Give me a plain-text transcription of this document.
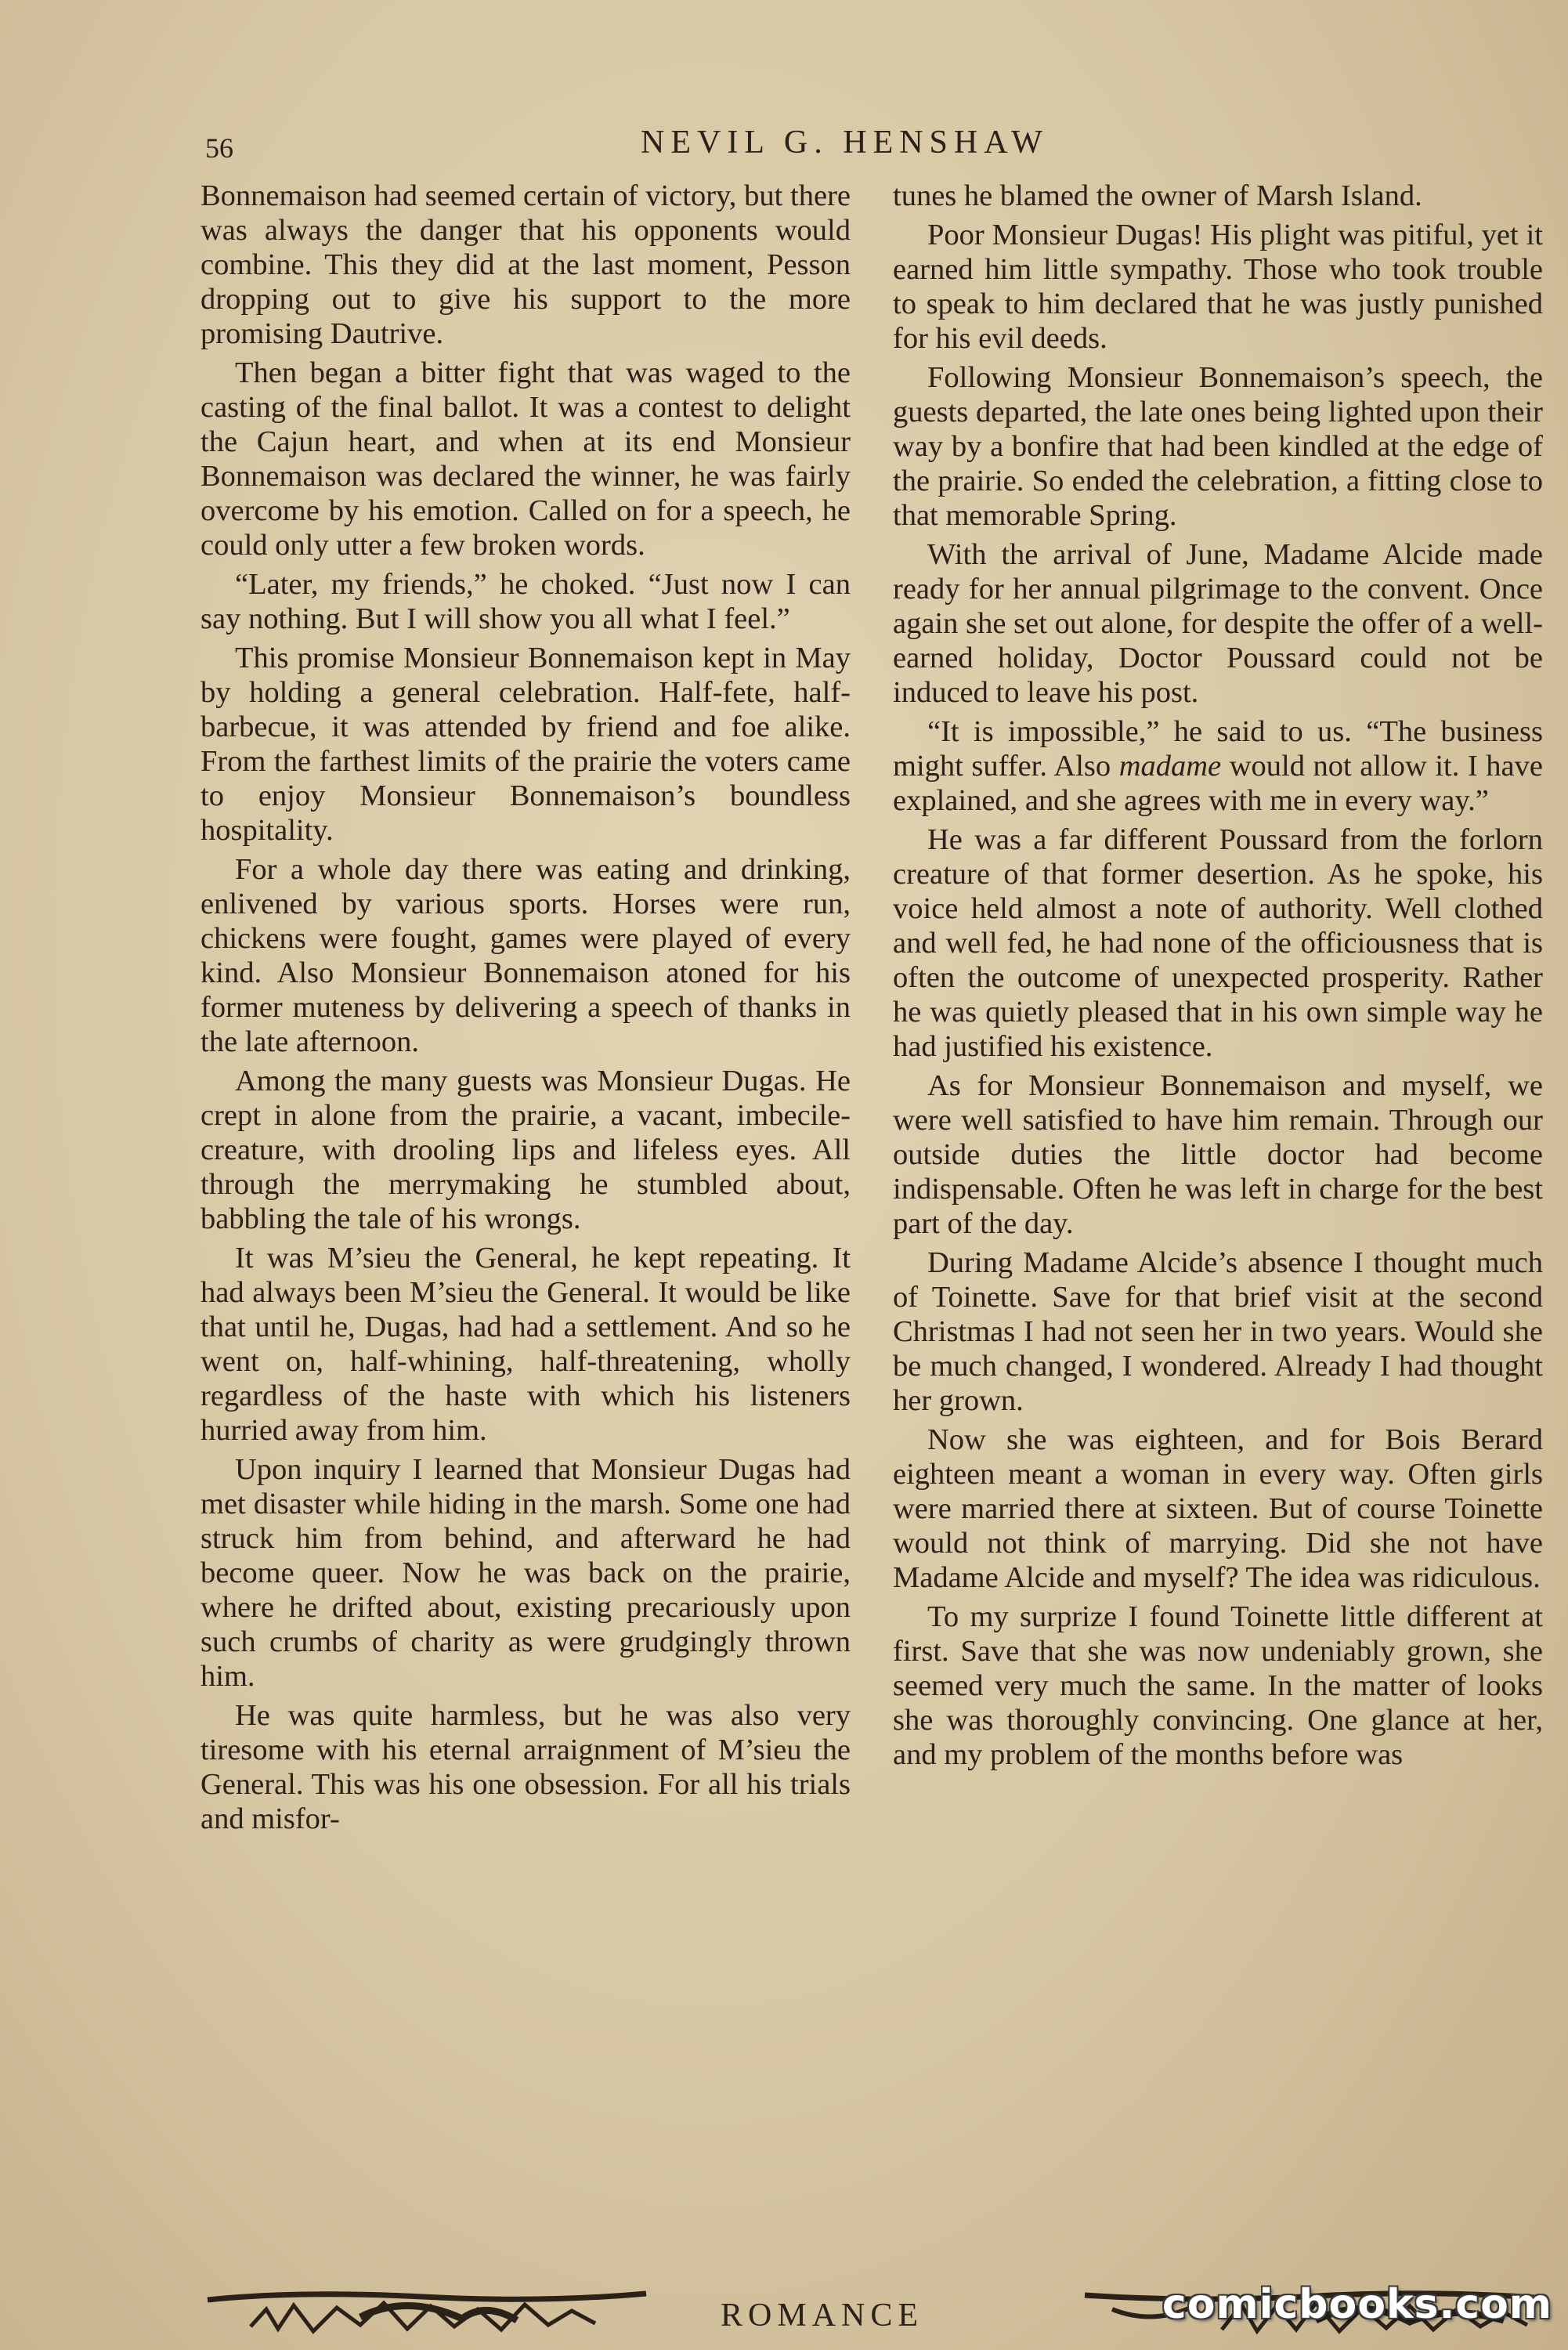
56	NEVIL G. HENSHAW

Bonnemaison had seemed certain of victory, but there was always the danger that his opponents would combine. This they did at the last moment, Pesson dropping out to give his support to the more promising Dautrive.

Then began a bitter fight that was waged to the casting of the final ballot. It was a contest to delight the Cajun heart, and when at its end Monsieur Bonnemaison was declared the winner, he was fairly overcome by his emotion. Called on for a speech, he could only utter a few broken words.

“Later, my friends,” he choked. “Just now I can say nothing. But I will show you all what I feel.”

This promise Monsieur Bonnemaison kept in May by holding a general celebration. Half-fete, half-barbecue, it was attended by friend and foe alike. From the farthest limits of the prairie the voters came to enjoy Monsieur Bonnemaison’s boundless hospitality.

For a whole day there was eating and drinking, enlivened by various sports. Horses were run, chickens were fought, games were played of every kind. Also Monsieur Bonnemaison atoned for his former muteness by delivering a speech of thanks in the late afternoon.

Among the many guests was Monsieur Dugas. He crept in alone from the prairie, a vacant, imbecile-creature, with drooling lips and lifeless eyes. All through the merrymaking he stumbled about, babbling the tale of his wrongs.

It was M’sieu the General, he kept repeating. It had always been M’sieu the General. It would be like that until he, Dugas, had had a settlement. And so he went on, half-whining, half-threatening, wholly regardless of the haste with which his listeners hurried away from him.

Upon inquiry I learned that Monsieur Dugas had met disaster while hiding in the marsh. Some one had struck him from behind, and afterward he had become queer. Now he was back on the prairie, where he drifted about, existing precariously upon such crumbs of charity as were grudgingly thrown him.

He was quite harmless, but he was also very tiresome with his eternal arraignment of M’sieu the General. This was his one obsession. For all his trials and misfor-

tunes he blamed the owner of Marsh Island.

Poor Monsieur Dugas! His plight was pitiful, yet it earned him little sympathy. Those who took trouble to speak to him declared that he was justly punished for his evil deeds.

Following Monsieur Bonnemaison’s speech, the guests departed, the late ones being lighted upon their way by a bonfire that had been kindled at the edge of the prairie. So ended the celebration, a fitting close to that memorable Spring.

With the arrival of June, Madame Alcide made ready for her annual pilgrimage to the convent. Once again she set out alone, for despite the offer of a well-earned holiday, Doctor Poussard could not be induced to leave his post.

“It is impossible,” he said to us. “The business might suffer. Also madame would not allow it. I have explained, and she agrees with me in every way.”

He was a far different Poussard from the forlorn creature of that former desertion. As he spoke, his voice held almost a note of authority. Well clothed and well fed, he had none of the officiousness that is often the outcome of unexpected prosperity. Rather he was quietly pleased that in his own simple way he had justified his existence.

As for Monsieur Bonnemaison and myself, we were well satisfied to have him remain. Through our outside duties the little doctor had become indispensable. Often he was left in charge for the best part of the day.

During Madame Alcide’s absence I thought much of Toinette. Save for that brief visit at the second Christmas I had not seen her in two years. Would she be much changed, I wondered. Already I had thought her grown.

Now she was eighteen, and for Bois Berard eighteen meant a woman in every way. Often girls were married there at sixteen. But of course Toinette would not think of marrying. Did she not have Madame Alcide and myself? The idea was ridiculous.

To my surprize I found Toinette little different at first. Save that she was now undeniably grown, she seemed very much the same. In the matter of looks she was thoroughly convincing. One glance at her, and my problem of the months before was

ROMANCE	comicbooks.com
